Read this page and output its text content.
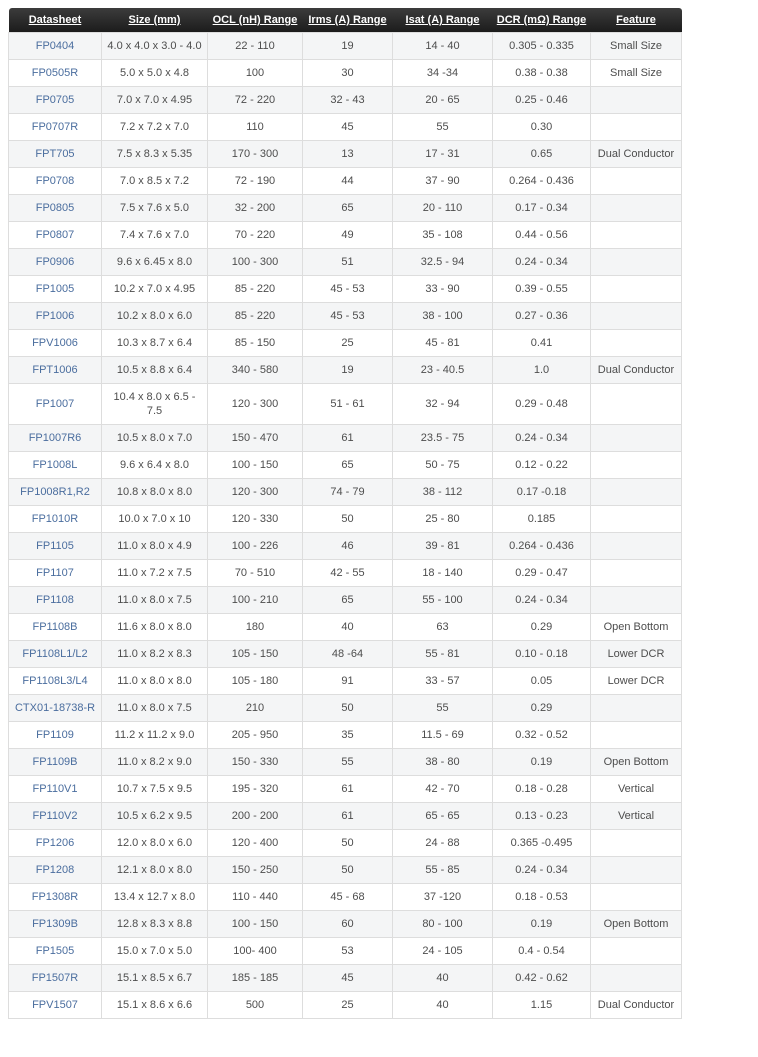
Datasheet	Size (mm)	OCL (nH) Range	Irms (A) Range	Isat (A) Range	DCR (mΩ) Range	Feature
FP0404	4.0 x 4.0 x 3.0 - 4.0	22 - 110	19	14 - 40	0.305 - 0.335	Small Size
FP0505R	5.0 x 5.0 x 4.8	100	30	34 -34	0.38 - 0.38	Small Size
FP0705	7.0 x 7.0 x 4.95	72 - 220	32 - 43	20 - 65	0.25 - 0.46	
FP0707R	7.2 x 7.2 x 7.0	110	45	55	0.30	
FPT705	7.5 x 8.3 x 5.35	170 - 300	13	17 - 31	0.65	Dual Conductor
FP0708	7.0 x 8.5 x 7.2	72 - 190	44	37 - 90	0.264 - 0.436	
FP0805	7.5 x 7.6 x 5.0	32 - 200	65	20 - 110	0.17 - 0.34	
FP0807	7.4 x 7.6 x 7.0	70 - 220	49	35 - 108	0.44 - 0.56	
FP0906	9.6 x 6.45 x 8.0	100 - 300	51	32.5 - 94	0.24 - 0.34	
FP1005	10.2 x 7.0 x 4.95	85 - 220	45 - 53	33 - 90	0.39 - 0.55	
FP1006	10.2 x 8.0 x 6.0	85 - 220	45 - 53	38 - 100	0.27 - 0.36	
FPV1006	10.3 x 8.7 x 6.4	85 - 150	25	45 - 81	0.41	
FPT1006	10.5 x 8.8 x 6.4	340 - 580	19	23 - 40.5	1.0	Dual Conductor
FP1007	10.4 x 8.0 x 6.5 - 7.5	120 - 300	51 - 61	32 - 94	0.29 - 0.48	
FP1007R6	10.5 x 8.0 x 7.0	150 - 470	61	23.5 - 75	0.24 - 0.34	
FP1008L	9.6 x 6.4 x 8.0	100 - 150	65	50 - 75	0.12 - 0.22	
FP1008R1,R2	10.8 x 8.0 x 8.0	120 - 300	74 - 79	38 - 112	0.17 -0.18	
FP1010R	10.0 x 7.0 x 10	120 - 330	50	25 - 80	0.185	
FP1105	11.0 x 8.0 x 4.9	100 - 226	46	39 - 81	0.264 - 0.436	
FP1107	11.0 x 7.2 x 7.5	70 - 510	42 - 55	18 - 140	0.29 - 0.47	
FP1108	11.0 x 8.0 x 7.5	100 - 210	65	55 - 100	0.24 - 0.34	
FP1108B	11.6 x 8.0 x 8.0	180	40	63	0.29	Open Bottom
FP1108L1/L2	11.0 x 8.2 x 8.3	105 - 150	48 -64	55 - 81	0.10 - 0.18	Lower DCR
FP1108L3/L4	11.0 x 8.0 x 8.0	105 - 180	91	33 - 57	0.05	Lower DCR
CTX01-18738-R	11.0 x 8.0 x 7.5	210	50	55	0.29	
FP1109	11.2 x 11.2 x 9.0	205 - 950	35	11.5 - 69	0.32 - 0.52	
FP1109B	11.0 x 8.2 x 9.0	150 - 330	55	38 - 80	0.19	Open Bottom
FP110V1	10.7 x 7.5 x 9.5	195 - 320	61	42 - 70	0.18 - 0.28	Vertical
FP110V2	10.5 x 6.2 x 9.5	200 - 200	61	65 - 65	0.13 - 0.23	Vertical
FP1206	12.0 x 8.0 x 6.0	120 - 400	50	24 - 88	0.365 -0.495	
FP1208	12.1 x 8.0 x 8.0	150 - 250	50	55 - 85	0.24 - 0.34	
FP1308R	13.4 x 12.7 x 8.0	110 - 440	45 - 68	37 -120	0.18 - 0.53	
FP1309B	12.8 x 8.3 x 8.8	100 - 150	60	80 - 100	0.19	Open Bottom
FP1505	15.0 x 7.0 x 5.0	100- 400	53	24 - 105	0.4 - 0.54	
FP1507R	15.1 x 8.5 x 6.7	185 - 185	45	40	0.42 - 0.62	
FPV1507	15.1 x 8.6 x 6.6	500	25	40	1.15	Dual Conductor
